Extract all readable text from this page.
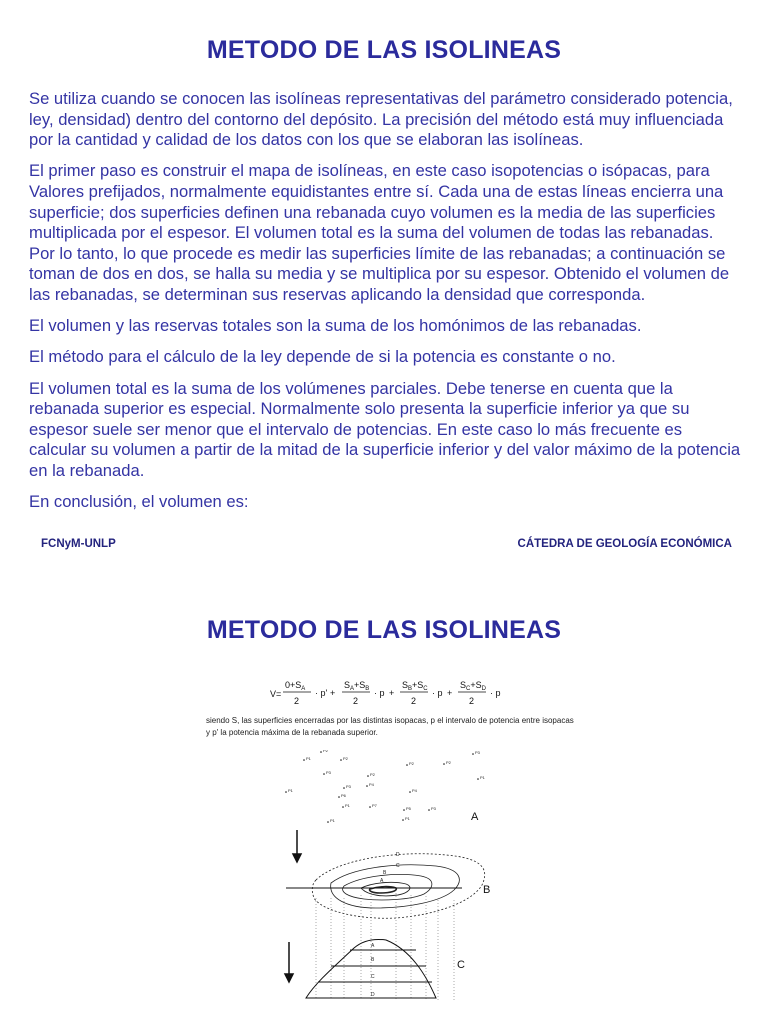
METODO DE LAS ISOLINEAS

Se utiliza cuando se conocen las isolíneas representativas del parámetro considerado potencia, ley, densidad) dentro del contorno del depósito. La precisión del método está muy influenciada por la cantidad y calidad de los datos con los que se elaboran las isolíneas.

El primer paso es construir el mapa de isolíneas, en este caso isopotencias o isópacas, para Valores prefijados, normalmente equidistantes entre sí. Cada una de estas líneas encierra una superficie; dos superficies definen una rebanada cuyo volumen es la media de las superficies multiplicada por el espesor. El volumen total es la suma del volumen de todas las rebanadas. Por lo tanto, lo que procede es medir las superficies límite de las rebanadas; a continuación se toman de dos en dos, se halla su media y se multiplica por su espesor. Obtenido el volumen de las rebanadas, se determinan sus reservas aplicando la densidad que corresponda.

El volumen y las reservas totales son la suma de los homónimos de las rebanadas.

El método para el cálculo de la ley depende de si la potencia es constante o no.

El volumen total es la suma de los volúmenes parciales. Debe tenerse en cuenta que la rebanada superior es especial. Normalmente solo presenta la superficie inferior ya que su espesor suele ser menor que el intervalo de potencias. En este caso lo más frecuente es calcular su volumen a partir de la mitad de la superficie inferior y del valor máximo de la potencia en la rebanada.

En conclusión, el volumen es:

FCNyM-UNLP	CÁTEDRA DE GEOLOGÍA ECONÓMICA
METODO DE LAS ISOLINEAS
V=
$0+S_A$
2
· p' +
$S_A+S_B$
2
· p +
$S_B+S_C$
2
· p +
$S_C+S_D$
2
· p
siendo S, las superficies encerradas por las distintas isopacas, p el intervalo de potencia entre isopacas
y p' la potencia máxima de la rebanada superior.
P1
P2
P3
P2
P2
P4
P3
P1	P1
P2
P4
P6
P5	P3
P2
P3
P1
P7
P1
P1
A
D
C
B
A
B
A
B
C
D
C
